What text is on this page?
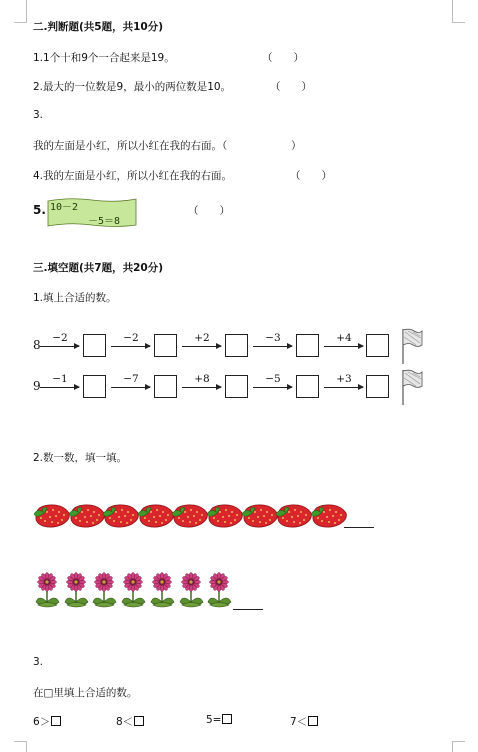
二.判断题(共5题，共10分)
1.1个十和9个一合起来是19。	（　　）
2.最大的一位数是9，最小的两位数是10。	（　　）
3.
我的左面是小红，所以小红在我的右面。（	）
4.我的左面是小红，所以小红在我的右面。	（　　）
5. 10－2
－5＝8
（　　）
三.填空题(共7题，共20分)
1.填上合适的数。
8	−2	−2	+2	−3	+4
9	−1	−7	+8	−5	+3
2.数一数，填一填。
3.
在□里填上合适的数。
6＞	8＜	5=	7＜
